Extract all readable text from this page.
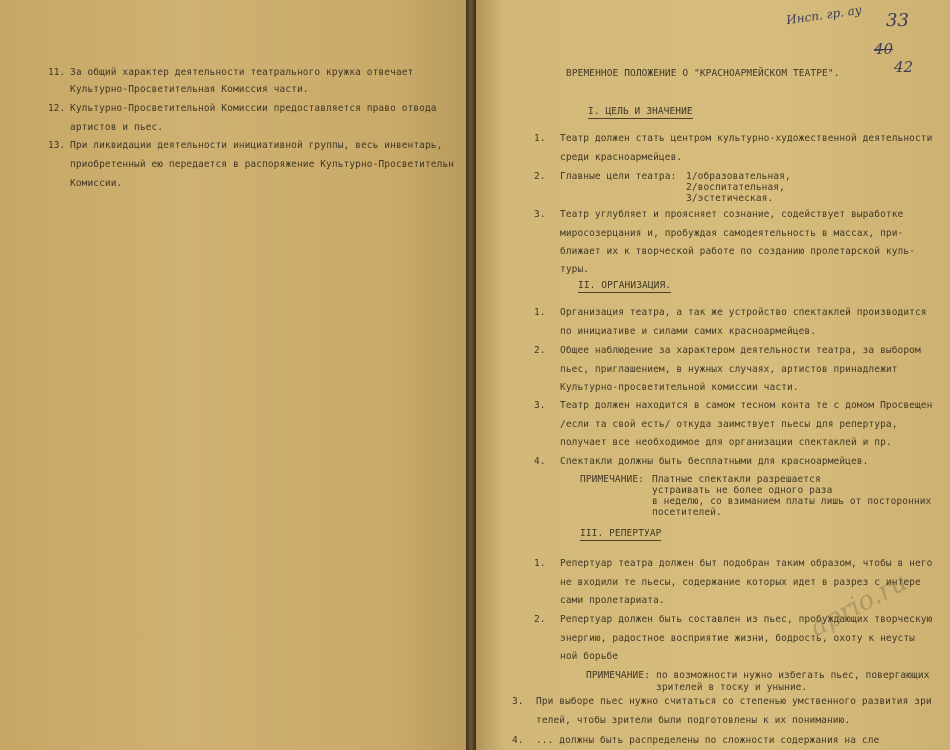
11. За общий характер деятельности театрального кружка отвечает
Культурно-Просветительная Комиссия части.
12. Культурно-Просветительной Комиссии предоставляется право отвода
артистов и пьес.
13. При ликвидации деятельности инициативной группы, весь инвентарь,
приобретенный ею передается в распоряжение Культурно-Просветительн
Комиссии.
Инсп. гр. ау 33
40
42
ВРЕМЕННОЕ ПОЛОЖЕНИЕ О "КРАСНОАРМЕЙСКОМ ТЕАТРЕ".
I. ЦЕЛЬ И ЗНАЧЕНИЕ
1. Театр должен стать центром культурно-художественной деятельности
среди красноармейцев.
2. Главные цели театра: 1/образовательная,
2/воспитательная,
3/эстетическая.
3. Театр углубляет и проясняет сознание, содействует выработке
миросозерцания и, пробуждая самодеятельность в массах, при-
ближает их к творческой работе по созданию пролетарской куль-
туры.
II. ОРГАНИЗАЦИЯ.
1. Организация театра, а так же устройство спектаклей производится
по инициативе и силами самих красноармейцев.
2. Общее наблюдение за характером деятельности театра, за выбором
пьес, приглашением, в нужных случаях, артистов принадлежит
Культурно-просветительной комиссии части.
3. Театр должен находится в самом тесном конта те с домом Просвещен
/если та свой есть/ откуда заимствует пьесы для репертура,
получает все необходимое для организации спектаклей и пр.
4. Спектакли должны быть бесплатными для красноармейцев.
ПРИМЕЧАНИЕ: Платные спектакли разрешается
устраивать не более одного раза
в неделю, со взиманием платы лишь от посторонних
посетителей.
III. РЕПЕРТУАР
1. Репертуар театра должен быт подобран таким образом, чтобы в него
не входили те пьесы, содержание которых идет в разрез с интере
сами пролетариата.
2. Репертуар должен быть составлен из пьес, пробуждающих творческую
энергию, радостное восприятие жизни, бодрость, охоту к неусты
ной борьбе
ПРИМЕЧАНИЕ: по возможности нужно избегать пьес, повергающих
зрителей в тоску и уныние.
3. При выборе пьес нужно считаться со степенью умственного развития зри
телей, чтобы зрители были подготовлены к их пониманию.
4. ... должны быть распределены по сложности содержания на сле
aprio.ru
